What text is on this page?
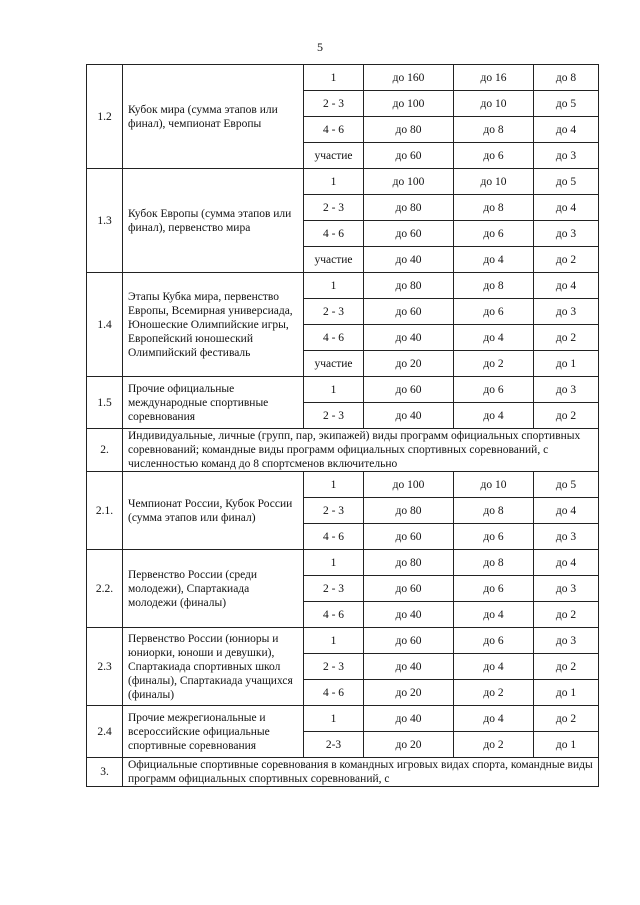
5
1.2	Кубок мира (сумма этапов или финал), чемпионат Европы	1	до 160	до 16	до 8
		2 - 3	до 100	до 10	до 5
		4 - 6	до 80	до 8	до 4
		участие	до 60	до 6	до 3
1.3	Кубок Европы (сумма этапов или финал), первенство мира	1	до 100	до 10	до 5
		2 - 3	до 80	до 8	до 4
		4 - 6	до 60	до 6	до 3
		участие	до 40	до 4	до 2
1.4	Этапы Кубка мира, первенство Европы, Всемирная универсиада, Юношеские Олимпийские игры, Европейский юношеский Олимпийский фестиваль	1	до 80	до 8	до 4
		2 - 3	до 60	до 6	до 3
		4 - 6	до 40	до 4	до 2
		участие	до 20	до 2	до 1
1.5	Прочие официальные международные спортивные соревнования	1	до 60	до 6	до 3
		2 - 3	до 40	до 4	до 2
2.	Индивидуальные, личные (групп, пар, экипажей) виды программ официальных спортивных соревнований; командные виды программ официальных спортивных соревнований, с численностью команд до 8 спортсменов включительно				
2.1.	Чемпионат России, Кубок России (сумма этапов или финал)	1	до 100	до 10	до 5
		2 - 3	до 80	до 8	до 4
		4 - 6	до 60	до 6	до 3
2.2.	Первенство России (среди молодежи), Спартакиада молодежи (финалы)	1	до 80	до 8	до 4
		2 - 3	до 60	до 6	до 3
		4 - 6	до 40	до 4	до 2
2.3	Первенство России (юниоры и юниорки, юноши и девушки), Спартакиада спортивных школ (финалы), Спартакиада учащихся (финалы)	1	до 60	до 6	до 3
		2 - 3	до 40	до 4	до 2
		4 - 6	до 20	до 2	до 1
2.4	Прочие межрегиональные и всероссийские официальные спортивные соревнования	1	до 40	до 4	до 2
		2-3	до 20	до 2	до 1
3.	Официальные спортивные соревнования в командных игровых видах спорта, командные виды программ официальных спортивных соревнований, с				
